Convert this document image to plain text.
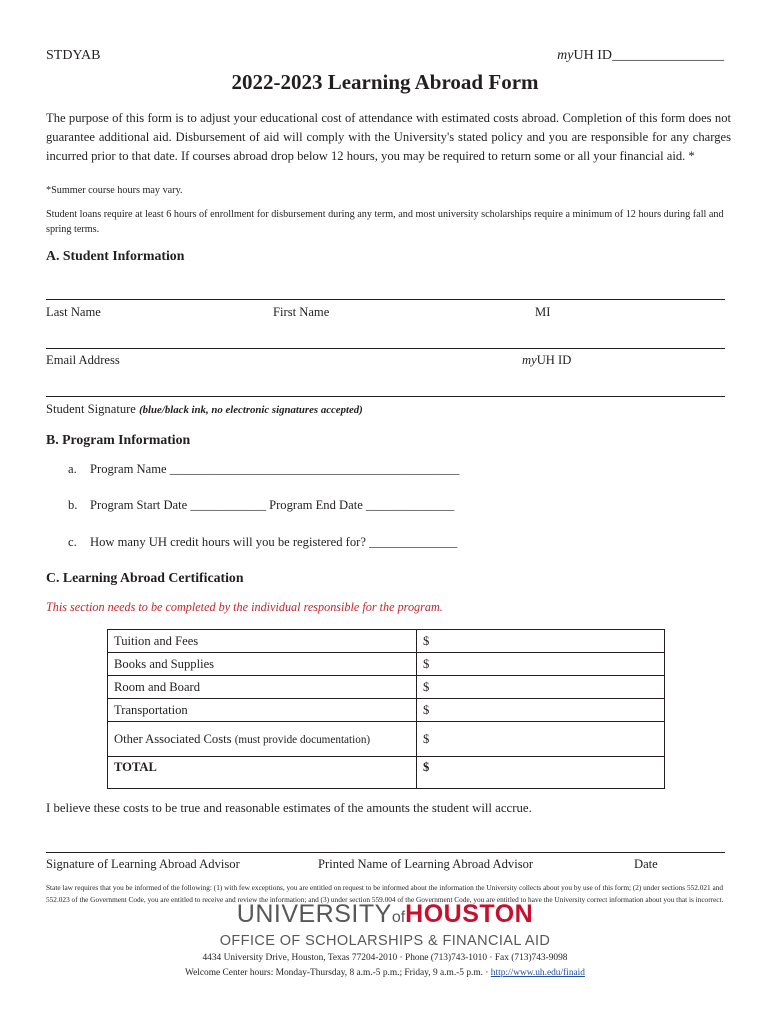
STDYAB	myUH ID________________
2022-2023 Learning Abroad Form
The purpose of this form is to adjust your educational cost of attendance with estimated costs abroad. Completion of this form does not guarantee additional aid. Disbursement of aid will comply with the University's stated policy and you are responsible for any charges incurred prior to that date. If courses abroad drop below 12 hours, you may be required to return some or all your financial aid. *
*Summer course hours may vary.
Student loans require at least 6 hours of enrollment for disbursement during any term, and most university scholarships require a minimum of 12 hours during fall and spring terms.
A. Student Information
Last Name	First Name	MI
Email Address	myUH ID
Student Signature (blue/black ink, no electronic signatures accepted)
B. Program Information
a. Program Name ______________________________________________
b. Program Start Date ____________ Program End Date ______________
c. How many UH credit hours will you be registered for? ______________
C. Learning Abroad Certification
This section needs to be completed by the individual responsible for the program.
Tuition and Fees	$
Books and Supplies	$
Room and Board	$
Transportation	$
Other Associated Costs (must provide documentation)	$
TOTAL	$
I believe these costs to be true and reasonable estimates of the amounts the student will accrue.
Signature of Learning Abroad Advisor	Printed Name of Learning Abroad Advisor	Date
State law requires that you be informed of the following: (1) with few exceptions, you are entitled on request to be informed about the information the University collects about you by use of this form; (2) under sections 552.021 and 552.023 of the Government Code, you are entitled to receive and review the information; and (3) under section 559.004 of the Government Code, you are entitled to have the University correct information about you that is incorrect.
UNIVERSITYofHOUSTON
OFFICE OF SCHOLARSHIPS & FINANCIAL AID
4434 University Drive, Houston, Texas 77204-2010 · Phone (713)743-1010 · Fax (713)743-9098
Welcome Center hours: Monday-Thursday, 8 a.m.-5 p.m.; Friday, 9 a.m.-5 p.m. · http://www.uh.edu/finaid
